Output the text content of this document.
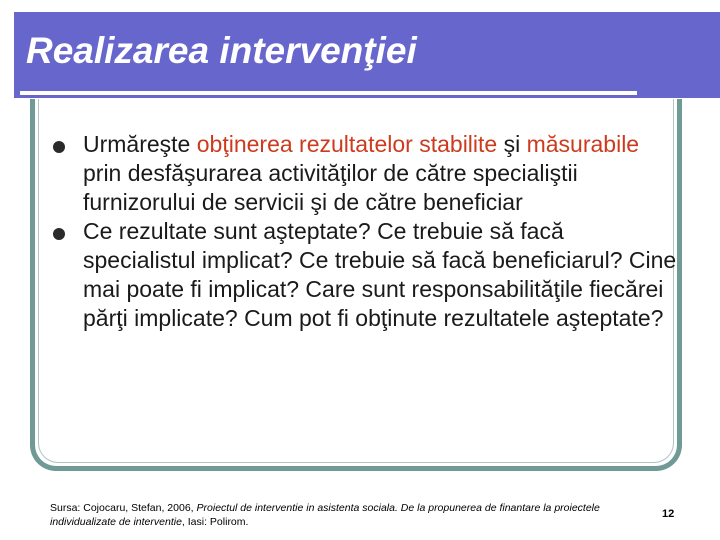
Realizarea intervenţiei
Urmăreşte obţinerea rezultatelor stabilite şi măsurabile prin desfăşurarea activităţilor de către specialiştii furnizorului de servicii şi de către beneficiar
Ce rezultate sunt aşteptate? Ce trebuie să facă specialistul implicat? Ce trebuie să facă beneficiarul? Cine mai poate fi implicat? Care sunt responsabilităţile fiecărei părţi implicate? Cum pot fi obţinute rezultatele aşteptate?
Sursa: Cojocaru, Stefan, 2006, Proiectul de interventie in asistenta sociala. De la propunerea de finantare la proiectele individualizate de interventie, Iasi: Polirom.
12
